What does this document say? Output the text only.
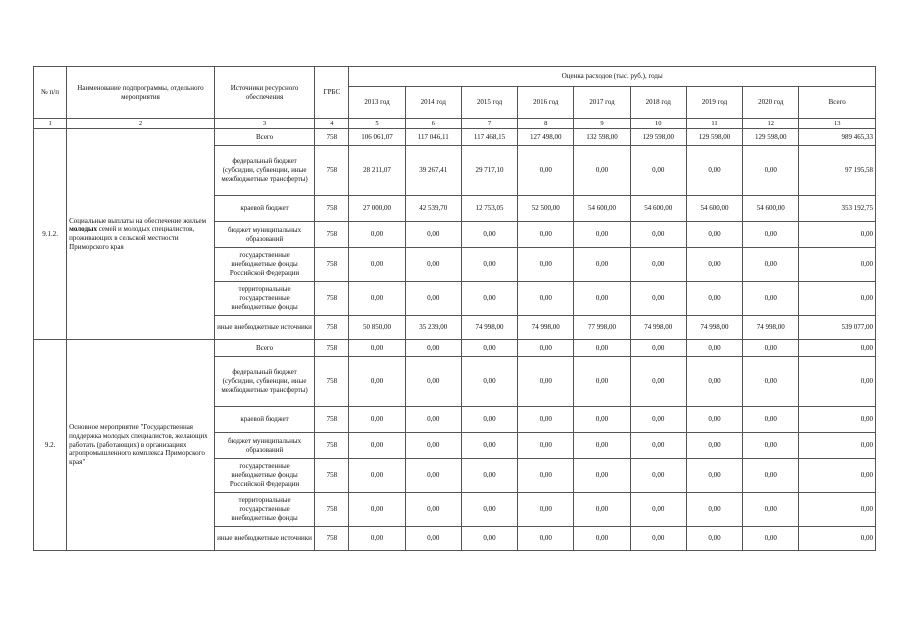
№ п/п	Наименование подпрограммы, отдельного мероприятия	Источники ресурсного обеспечения	ГРБС	Оценка расходов (тыс. руб.), годы								
				2013 год	2014 год	2015 год	2016 год	2017 год	2018 год	2019 год	2020 год	Всего
1	2	3	4	5	6	7	8	9	10	11	12	13
9.1.2.	Социальные выплаты на обеспечение жильем молодых семей и молодых специалистов, проживающих в сельской местности Приморского края	Всего	758	106 061,07	117 046,11	117 468,15	127 498,00	132 598,00	129 598,00	129 598,00	129 598,00	989 465,33
		федеральный бюджет (субсидии, субвенции, иные межбюджетные трансферты)	758	28 211,07	39 267,41	29 717,10	0,00	0,00	0,00	0,00	0,00	97 195,58
		краевой бюджет	758	27 000,00	42 539,70	12 753,05	52 500,00	54 600,00	54 600,00	54 600,00	54 600,00	353 192,75
		бюджет муниципальных образований	758	0,00	0,00	0,00	0,00	0,00	0,00	0,00	0,00	0,00
		государственные внебюджетные фонды Российской Федерации	758	0,00	0,00	0,00	0,00	0,00	0,00	0,00	0,00	0,00
		территориальные государственные внебюджетные фонды	758	0,00	0,00	0,00	0,00	0,00	0,00	0,00	0,00	0,00
		иные внебюджетные источники	758	50 850,00	35 239,00	74 998,00	74 998,00	77 998,00	74 998,00	74 998,00	74 998,00	539 077,00
9.2.	Основное мероприятие "Государственная поддержка молодых специалистов, желающих работать (работающих) в организациях агропромышленного комплекса Приморского края"	Всего	758	0,00	0,00	0,00	0,00	0,00	0,00	0,00	0,00	0,00
		федеральный бюджет (субсидии, субвенции, иные межбюджетные трансферты)	758	0,00	0,00	0,00	0,00	0,00	0,00	0,00	0,00	0,00
		краевой бюджет	758	0,00	0,00	0,00	0,00	0,00	0,00	0,00	0,00	0,00
		бюджет муниципальных образований	758	0,00	0,00	0,00	0,00	0,00	0,00	0,00	0,00	0,00
		государственные внебюджетные фонды Российской Федерации	758	0,00	0,00	0,00	0,00	0,00	0,00	0,00	0,00	0,00
		территориальные государственные внебюджетные фонды	758	0,00	0,00	0,00	0,00	0,00	0,00	0,00	0,00	0,00
		иные внебюджетные источники	758	0,00	0,00	0,00	0,00	0,00	0,00	0,00	0,00	0,00
